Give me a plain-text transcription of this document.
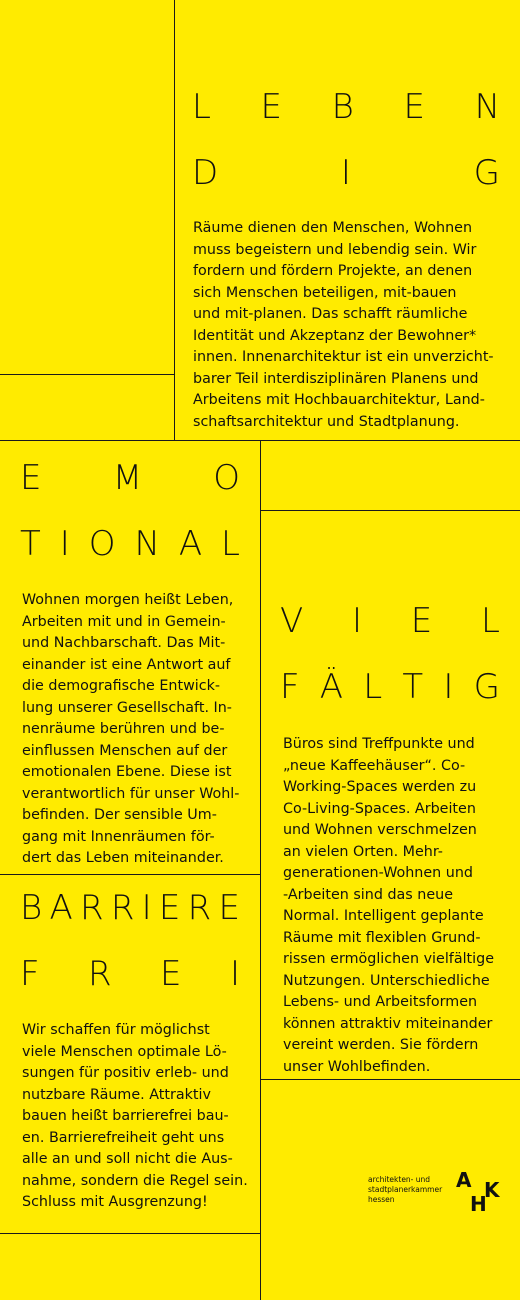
L E B E N
D	I	G

Räume dienen den Menschen, Wohnen
muss begeistern und lebendig sein. Wir
fordern und fördern Projekte, an denen
sich Menschen beteiligen, mit-bauen
und mit-planen. Das schafft räumliche
Identität und Akzeptanz der Bewohner*
innen. Innenarchitektur ist ein unverzicht-
barer Teil interdisziplinären Planens und
Arbeitens mit Hochbauarchitektur, Land-
schaftsarchitektur und Stadtplanung.

E M O
T I O N A L

Wohnen morgen heißt Leben,
Arbeiten mit und in Gemein-
und Nachbarschaft. Das Mit-
einander ist eine Antwort auf
die demografische Entwick-
lung unserer Gesellschaft. In-
nenräume berühren und be-
einflussen Menschen auf der
emotionalen Ebene. Diese ist
verantwortlich für unser Wohl-
befinden. Der sensible Um-
gang mit Innenräumen för-
dert das Leben miteinander.

V I E L
F Ä L T I G

Büros sind Treffpunkte und
„neue Kaffeehäuser“. Co-
Working-Spaces werden zu
Co-Living-Spaces. Arbeiten
und Wohnen verschmelzen
an vielen Orten. Mehr-
generationen-Wohnen und
-Arbeiten sind das neue
Normal. Intelligent geplante
Räume mit flexiblen Grund-
rissen ermöglichen vielfältige
Nutzungen. Unterschiedliche
Lebens- und Arbeitsformen
können attraktiv miteinander
vereint werden. Sie fördern
unser Wohlbefinden.

B A R R I E R E
F R E I

Wir schaffen für möglichst
viele Menschen optimale Lö-
sungen für positiv erleb- und
nutzbare Räume. Attraktiv
bauen heißt barrierefrei bau-
en. Barrierefreiheit geht uns
alle an und soll nicht die Aus-
nahme, sondern die Regel sein.
Schluss mit Ausgrenzung!

architekten- und
stadtplanerkammer
hessen
A K
H
